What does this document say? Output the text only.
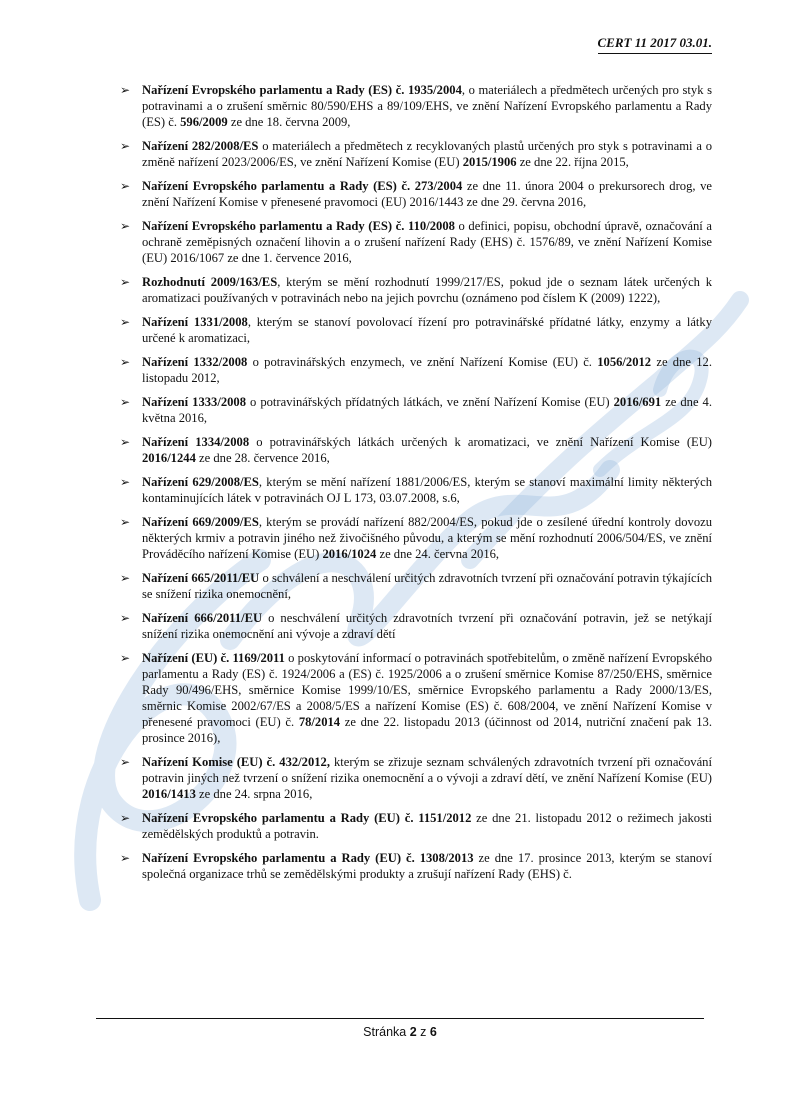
CERT 11 2017 03.01.
➢ Nařízení Evropského parlamentu a Rady (ES) č. 1935/2004, o materiálech a předmětech určených pro styk s potravinami a o zrušení směrnic 80/590/EHS a 89/109/EHS, ve znění Nařízení Evropského parlamentu a Rady (ES) č. 596/2009 ze dne 18. června 2009,
➢ Nařízení 282/2008/ES o materiálech a předmětech z recyklovaných plastů určených pro styk s potravinami a o změně nařízení 2023/2006/ES, ve znění Nařízení Komise (EU) 2015/1906 ze dne 22. října 2015,
➢ Nařízení Evropského parlamentu a Rady (ES) č. 273/2004 ze dne 11. února 2004 o prekursorech drog, ve znění Nařízení Komise v přenesené pravomoci (EU) 2016/1443 ze dne 29. června 2016,
➢ Nařízení Evropského parlamentu a Rady (ES) č. 110/2008 o definici, popisu, obchodní úpravě, označování a ochraně zeměpisných označení lihovin a o zrušení nařízení Rady (EHS) č. 1576/89, ve znění Nařízení Komise (EU) 2016/1067 ze dne 1. července 2016,
➢ Rozhodnutí 2009/163/ES, kterým se mění rozhodnutí 1999/217/ES, pokud jde o seznam látek určených k aromatizaci používaných v potravinách nebo na jejich povrchu (oznámeno pod číslem K (2009) 1222),
➢ Nařízení 1331/2008, kterým se stanoví povolovací řízení pro potravinářské přídatné látky, enzymy a látky určené k aromatizaci,
➢ Nařízení 1332/2008 o potravinářských enzymech, ve znění Nařízení Komise (EU) č. 1056/2012 ze dne 12. listopadu 2012,
➢ Nařízení 1333/2008 o potravinářských přídatných látkách, ve znění Nařízení Komise (EU) 2016/691 ze dne 4. května 2016,
➢ Nařízení 1334/2008 o potravinářských látkách určených k aromatizaci, ve znění Nařízení Komise (EU) 2016/1244 ze dne 28. července 2016,
➢ Nařízení 629/2008/ES, kterým se mění nařízení 1881/2006/ES, kterým se stanoví maximální limity některých kontaminujících látek v potravinách OJ L 173, 03.07.2008, s.6,
➢ Nařízení 669/2009/ES, kterým se provádí nařízení 882/2004/ES, pokud jde o zesílené úřední kontroly dovozu některých krmiv a potravin jiného než živočišného původu, a kterým se mění rozhodnutí 2006/504/ES, ve znění Prováděcího nařízení Komise (EU) 2016/1024 ze dne 24. června 2016,
➢ Nařízení 665/2011/EU o schválení a neschválení určitých zdravotních tvrzení při označování potravin týkajících se snížení rizika onemocnění,
➢ Nařízení 666/2011/EU o neschválení určitých zdravotních tvrzení při označování potravin, jež se netýkají snížení rizika onemocnění ani vývoje a zdraví dětí
➢ Nařízení (EU) č. 1169/2011 o poskytování informací o potravinách spotřebitelům, o změně nařízení Evropského parlamentu a Rady (ES) č. 1924/2006 a (ES) č. 1925/2006 a o zrušení směrnice Komise 87/250/EHS, směrnice Rady 90/496/EHS, směrnice Komise 1999/10/ES, směrnice Evropského parlamentu a Rady 2000/13/ES, směrnic Komise 2002/67/ES a 2008/5/ES a nařízení Komise (ES) č. 608/2004, ve znění Nařízení Komise v přenesené pravomoci (EU) č. 78/2014 ze dne 22. listopadu 2013 (účinnost od 2014, nutriční značení pak 13. prosince 2016),
➢ Nařízení Komise (EU) č. 432/2012, kterým se zřizuje seznam schválených zdravotních tvrzení při označování potravin jiných než tvrzení o snížení rizika onemocnění a o vývoji a zdraví dětí, ve znění Nařízení Komise (EU) 2016/1413 ze dne 24. srpna 2016,
➢ Nařízení Evropského parlamentu a Rady (EU) č. 1151/2012 ze dne 21. listopadu 2012 o režimech jakosti zemědělských produktů a potravin.
➢ Nařízení Evropského parlamentu a Rady (EU) č. 1308/2013 ze dne 17. prosince 2013, kterým se stanoví společná organizace trhů se zemědělskými produkty a zrušují nařízení Rady (EHS) č.
Stránka 2 z 6
